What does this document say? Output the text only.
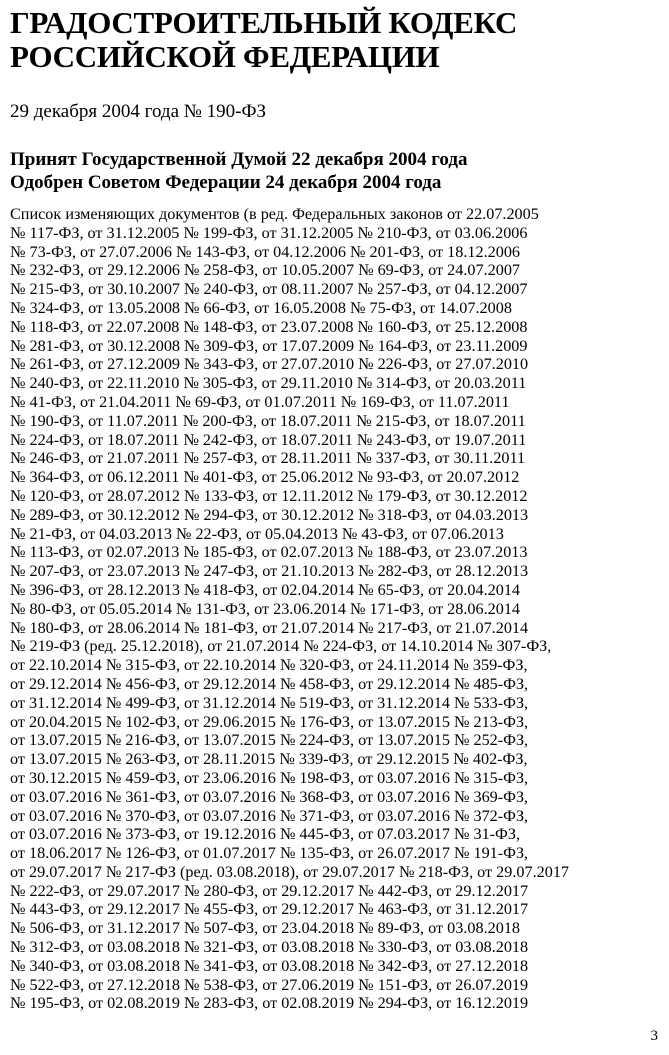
ГРАДОСТРОИТЕЛЬНЫЙ КОДЕКС
РОССИЙСКОЙ ФЕДЕРАЦИИ
29 декабря 2004 года № 190-ФЗ
Принят Государственной Думой 22 декабря 2004 года
Одобрен Советом Федерации 24 декабря 2004 года
Список изменяющих документов (в ред. Федеральных законов от 22.07.2005
№ 117-ФЗ, от 31.12.2005 № 199-ФЗ, от 31.12.2005 № 210-ФЗ, от 03.06.2006
№ 73-ФЗ, от 27.07.2006 № 143-ФЗ, от 04.12.2006 № 201-ФЗ, от 18.12.2006
№ 232-ФЗ, от 29.12.2006 № 258-ФЗ, от 10.05.2007 № 69-ФЗ, от 24.07.2007
№ 215-ФЗ, от 30.10.2007 № 240-ФЗ, от 08.11.2007 № 257-ФЗ, от 04.12.2007
№ 324-ФЗ, от 13.05.2008 № 66-ФЗ, от 16.05.2008 № 75-ФЗ, от 14.07.2008
№ 118-ФЗ, от 22.07.2008 № 148-ФЗ, от 23.07.2008 № 160-ФЗ, от 25.12.2008
№ 281-ФЗ, от 30.12.2008 № 309-ФЗ, от 17.07.2009 № 164-ФЗ, от 23.11.2009
№ 261-ФЗ, от 27.12.2009 № 343-ФЗ, от 27.07.2010 № 226-ФЗ, от 27.07.2010
№ 240-ФЗ, от 22.11.2010 № 305-ФЗ, от 29.11.2010 № 314-ФЗ, от 20.03.2011
№ 41-ФЗ, от 21.04.2011 № 69-ФЗ, от 01.07.2011 № 169-ФЗ, от 11.07.2011
№ 190-ФЗ, от 11.07.2011 № 200-ФЗ, от 18.07.2011 № 215-ФЗ, от 18.07.2011
№ 224-ФЗ, от 18.07.2011 № 242-ФЗ, от 18.07.2011 № 243-ФЗ, от 19.07.2011
№ 246-ФЗ, от 21.07.2011 № 257-ФЗ, от 28.11.2011 № 337-ФЗ, от 30.11.2011
№ 364-ФЗ, от 06.12.2011 № 401-ФЗ, от 25.06.2012 № 93-ФЗ, от 20.07.2012
№ 120-ФЗ, от 28.07.2012 № 133-ФЗ, от 12.11.2012 № 179-ФЗ, от 30.12.2012
№ 289-ФЗ, от 30.12.2012 № 294-ФЗ, от 30.12.2012 № 318-ФЗ, от 04.03.2013
№ 21-ФЗ, от 04.03.2013 № 22-ФЗ, от 05.04.2013 № 43-ФЗ, от 07.06.2013
№ 113-ФЗ, от 02.07.2013 № 185-ФЗ, от 02.07.2013 № 188-ФЗ, от 23.07.2013
№ 207-ФЗ, от 23.07.2013 № 247-ФЗ, от 21.10.2013 № 282-ФЗ, от 28.12.2013
№ 396-ФЗ, от 28.12.2013 № 418-ФЗ, от 02.04.2014 № 65-ФЗ, от 20.04.2014
№ 80-ФЗ, от 05.05.2014 № 131-ФЗ, от 23.06.2014 № 171-ФЗ, от 28.06.2014
№ 180-ФЗ, от 28.06.2014 № 181-ФЗ, от 21.07.2014 № 217-ФЗ, от 21.07.2014
№ 219-ФЗ (ред. 25.12.2018), от 21.07.2014 № 224-ФЗ, от 14.10.2014 № 307-ФЗ,
от 22.10.2014 № 315-ФЗ, от 22.10.2014 № 320-ФЗ, от 24.11.2014 № 359-ФЗ,
от 29.12.2014 № 456-ФЗ, от 29.12.2014 № 458-ФЗ, от 29.12.2014 № 485-ФЗ,
от 31.12.2014 № 499-ФЗ, от 31.12.2014 № 519-ФЗ, от 31.12.2014 № 533-ФЗ,
от 20.04.2015 № 102-ФЗ, от 29.06.2015 № 176-ФЗ, от 13.07.2015 № 213-ФЗ,
от 13.07.2015 № 216-ФЗ, от 13.07.2015 № 224-ФЗ, от 13.07.2015 № 252-ФЗ,
от 13.07.2015 № 263-ФЗ, от 28.11.2015 № 339-ФЗ, от 29.12.2015 № 402-ФЗ,
от 30.12.2015 № 459-ФЗ, от 23.06.2016 № 198-ФЗ, от 03.07.2016 № 315-ФЗ,
от 03.07.2016 № 361-ФЗ, от 03.07.2016 № 368-ФЗ, от 03.07.2016 № 369-ФЗ,
от 03.07.2016 № 370-ФЗ, от 03.07.2016 № 371-ФЗ, от 03.07.2016 № 372-ФЗ,
от 03.07.2016 № 373-ФЗ, от 19.12.2016 № 445-ФЗ, от 07.03.2017 № 31-ФЗ,
от 18.06.2017 № 126-ФЗ, от 01.07.2017 № 135-ФЗ, от 26.07.2017 № 191-ФЗ,
от 29.07.2017 № 217-ФЗ (ред. 03.08.2018), от 29.07.2017 № 218-ФЗ, от 29.07.2017
№ 222-ФЗ, от 29.07.2017 № 280-ФЗ, от 29.12.2017 № 442-ФЗ, от 29.12.2017
№ 443-ФЗ, от 29.12.2017 № 455-ФЗ, от 29.12.2017 № 463-ФЗ, от 31.12.2017
№ 506-ФЗ, от 31.12.2017 № 507-ФЗ, от 23.04.2018 № 89-ФЗ, от 03.08.2018
№ 312-ФЗ, от 03.08.2018 № 321-ФЗ, от 03.08.2018 № 330-ФЗ, от 03.08.2018
№ 340-ФЗ, от 03.08.2018 № 341-ФЗ, от 03.08.2018 № 342-ФЗ, от 27.12.2018
№ 522-ФЗ, от 27.12.2018 № 538-ФЗ, от 27.06.2019 № 151-ФЗ, от 26.07.2019
№ 195-ФЗ, от 02.08.2019 № 283-ФЗ, от 02.08.2019 № 294-ФЗ, от 16.12.2019
3
